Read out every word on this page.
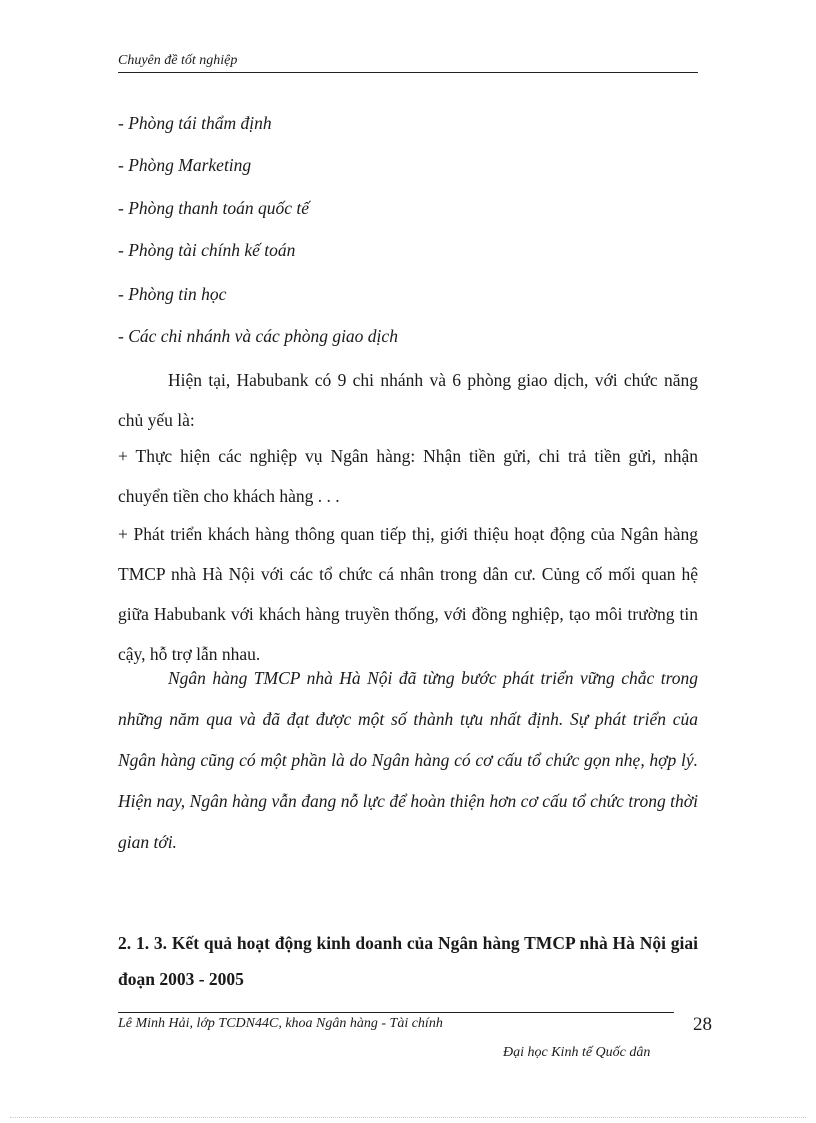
Chuyên đề tốt nghiệp
- Phòng tái thẩm định
- Phòng Marketing
- Phòng thanh toán quốc tế
- Phòng tài chính kế toán
- Phòng tin học
- Các chi nhánh và các phòng giao dịch

Hiện tại, Habubank có 9 chi nhánh và 6 phòng giao dịch, với chức năng chủ yếu là:

+ Thực hiện các nghiệp vụ Ngân hàng: Nhận tiền gửi, chi trả tiền gửi, nhận chuyển tiền cho khách hàng . . .

+ Phát triển khách hàng thông quan tiếp thị, giới thiệu hoạt động của Ngân hàng TMCP nhà Hà Nội với các tổ chức cá nhân trong dân cư. Củng cố mối quan hệ giữa Habubank với khách hàng truyền thống, với đồng nghiệp, tạo môi trường tin cậy, hỗ trợ lẫn nhau.

Ngân hàng TMCP nhà Hà Nội đã từng bước phát triển vững chắc trong những năm qua và đã đạt được một số thành tựu nhất định. Sự phát triển của Ngân hàng cũng có một phần là do Ngân hàng có cơ cấu tổ chức gọn nhẹ, hợp lý. Hiện nay, Ngân hàng vẫn đang nỗ lực để hoàn thiện hơn cơ cấu tổ chức trong thời gian tới.

2. 1. 3. Kết quả hoạt động kinh doanh của Ngân hàng TMCP nhà Hà Nội giai đoạn 2003 - 2005

Lê Minh Hải, lớp TCDN44C, khoa Ngân hàng - Tài chính	28
Đại học Kinh tế Quốc dân
